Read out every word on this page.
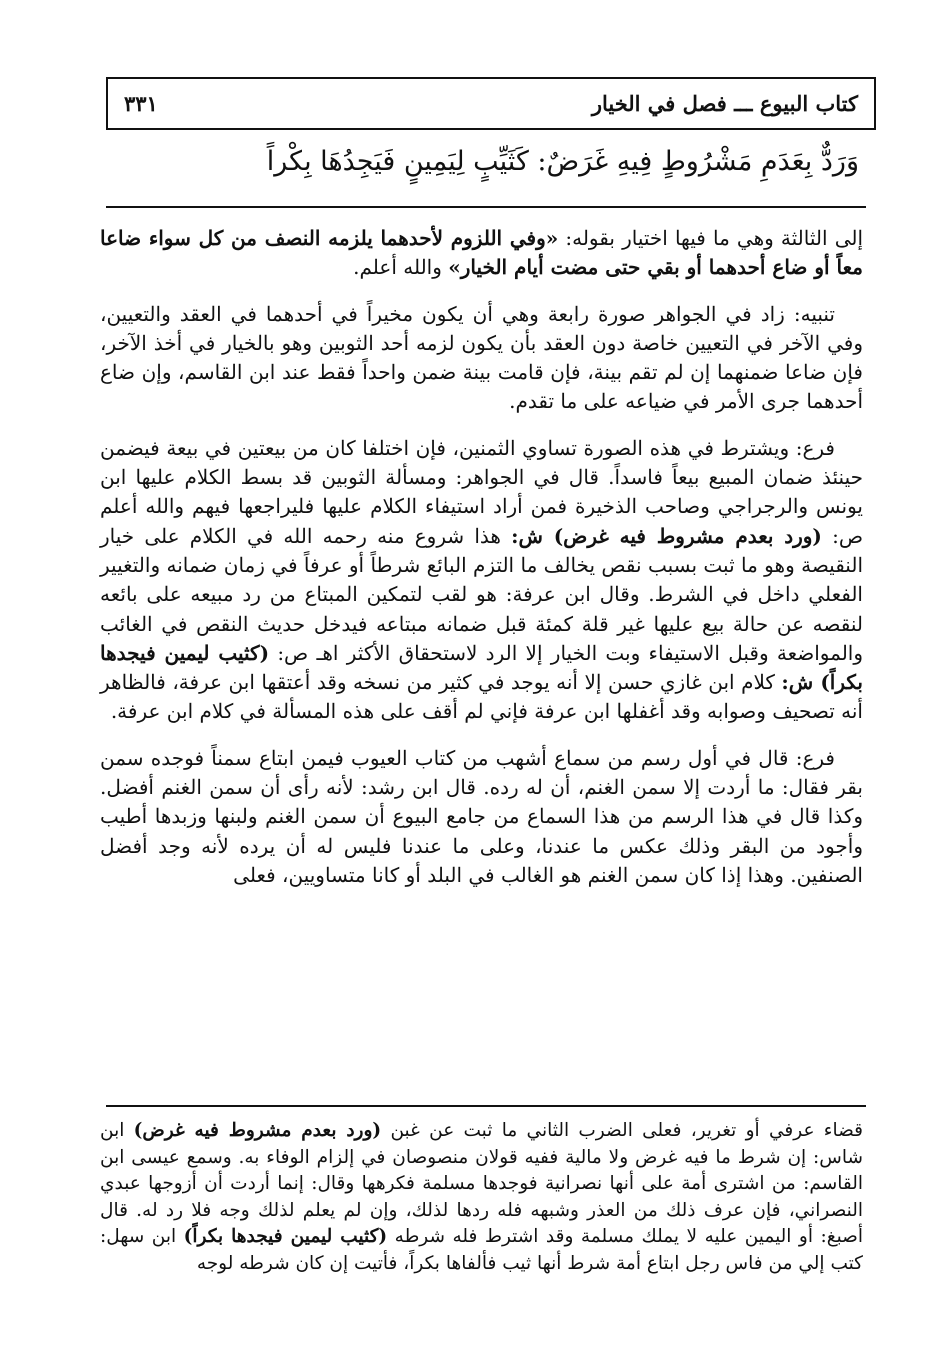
كتاب البيوع ـــ فصل في الخيار
٣٣١
وَرَدٌّ بِعَدَمِ مَشْرُوطٍ فِيهِ غَرَضٌ: كَثَيِّبٍ لِيَمِينٍ فَيَجِدُهَا بِكْراً

إلى الثالثة وهي ما فيها اختيار بقوله: «وفي اللزوم لأحدهما يلزمه النصف من كل سواء ضاعا معاً أو ضاع أحدهما أو بقي حتى مضت أيام الخيار» والله أعلم.

تنبيه: زاد في الجواهر صورة رابعة وهي أن يكون مخيراً في أحدهما في العقد والتعيين، وفي الآخر في التعيين خاصة دون العقد بأن يكون لزمه أحد الثوبين وهو بالخيار في أخذ الآخر، فإن ضاعا ضمنهما إن لم تقم بينة، فإن قامت بينة ضمن واحداً فقط عند ابن القاسم، وإن ضاع أحدهما جرى الأمر في ضياعه على ما تقدم.

فرع: ويشترط في هذه الصورة تساوي الثمنين، فإن اختلفا كان من بيعتين في بيعة فيضمن حينئذ ضمان المبيع بيعاً فاسداً. قال في الجواهر: ومسألة الثوبين قد بسط الكلام عليها ابن يونس والرجراجي وصاحب الذخيرة فمن أراد استيفاء الكلام عليها فليراجعها فيهم والله أعلم ص: (ورد بعدم مشروط فيه غرض) ش: هذا شروع منه رحمه الله في الكلام على خيار النقيصة وهو ما ثبت بسبب نقص يخالف ما التزم البائع شرطاً أو عرفاً في زمان ضمانه والتغيير الفعلي داخل في الشرط. وقال ابن عرفة: هو لقب لتمكين المبتاع من رد مبيعه على بائعه لنقصه عن حالة بيع عليها غير قلة كمئة قبل ضمانه مبتاعه فيدخل حديث النقص في الغائب والمواضعة وقبل الاستيفاء وبت الخيار إلا الرد لاستحقاق الأكثر اهـ ص: (كثيب ليمين فيجدها بكراً) ش: كلام ابن غازي حسن إلا أنه يوجد في كثير من نسخه وقد أعتقها ابن عرفة، فالظاهر أنه تصحيف وصوابه وقد أغفلها ابن عرفة فإني لم أقف على هذه المسألة في كلام ابن عرفة.

فرع: قال في أول رسم من سماع أشهب من كتاب العيوب فيمن ابتاع سمناً فوجده سمن بقر فقال: ما أردت إلا سمن الغنم، أن له رده. قال ابن رشد: لأنه رأى أن سمن الغنم أفضل. وكذا قال في هذا الرسم من هذا السماع من جامع البيوع أن سمن الغنم ولبنها وزبدها أطيب وأجود من البقر وذلك عكس ما عندنا، وعلى ما عندنا فليس له أن يرده لأنه وجد أفضل الصنفين. وهذا إذا كان سمن الغنم هو الغالب في البلد أو كانا متساويين، فعلى

قضاء عرفي أو تغرير، فعلى الضرب الثاني ما ثبت عن غبن (ورد بعدم مشروط فيه غرض) ابن شاس: إن شرط ما فيه غرض ولا مالية ففيه قولان منصوصان في إلزام الوفاء به. وسمع عيسى ابن القاسم: من اشترى أمة على أنها نصرانية فوجدها مسلمة فكرهها وقال: إنما أردت أن أزوجها عبدي النصراني، فإن عرف ذلك من العذر وشبهه فله ردها لذلك، وإن لم يعلم لذلك وجه فلا رد له. قال أصبغ: أو اليمين عليه لا يملك مسلمة وقد اشترط فله شرطه (كثيب ليمين فيجدها بكراً) ابن سهل: كتب إلي من فاس رجل ابتاع أمة شرط أنها ثيب فألفاها بكراً، فأتيت إن كان شرطه لوجه
